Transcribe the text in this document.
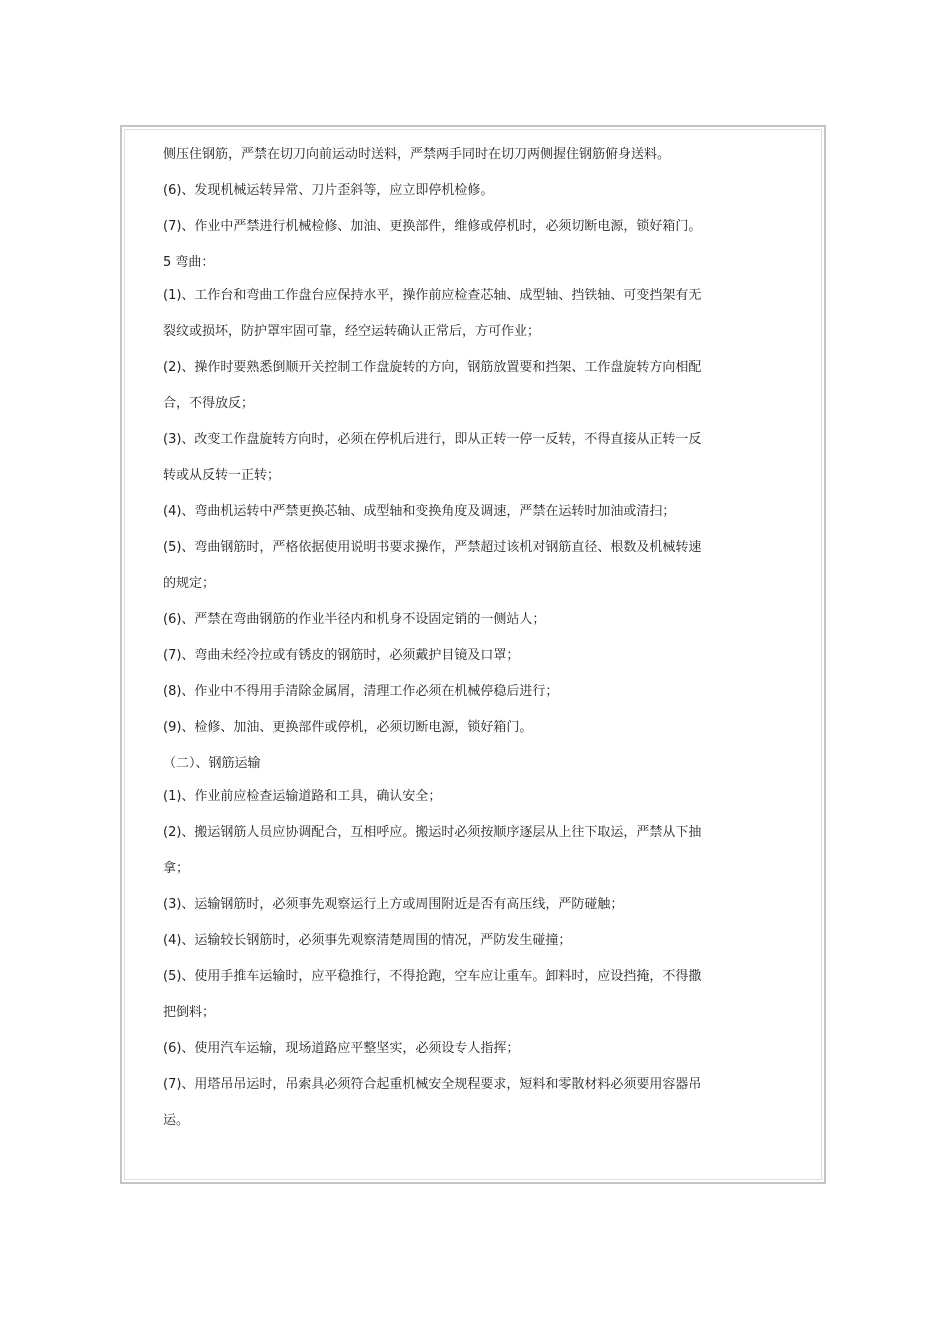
侧压住钢筋，严禁在切刀向前运动时送料，严禁两手同时在切刀两侧握住钢筋俯身送料。
(6)、发现机械运转异常、刀片歪斜等，应立即停机检修。
(7)、作业中严禁进行机械检修、加油、更换部件，维修或停机时，必须切断电源，锁好箱门。
5 弯曲：
(1)、工作台和弯曲工作盘台应保持水平，操作前应检查芯轴、成型轴、挡铁轴、可变挡架有无
裂纹或损坏，防护罩牢固可靠，经空运转确认正常后，方可作业；
(2)、操作时要熟悉倒顺开关控制工作盘旋转的方向，钢筋放置要和挡架、工作盘旋转方向相配
合，不得放反；
(3)、改变工作盘旋转方向时，必须在停机后进行，即从正转一停一反转，不得直接从正转一反
转或从反转一正转；
(4)、弯曲机运转中严禁更换芯轴、成型轴和变换角度及调速，严禁在运转时加油或清扫；
(5)、弯曲钢筋时，严格依据使用说明书要求操作，严禁超过该机对钢筋直径、根数及机械转速
的规定；
(6)、严禁在弯曲钢筋的作业半径内和机身不设固定销的一侧站人；
(7)、弯曲未经冷拉或有锈皮的钢筋时，必须戴护目镜及口罩；
(8)、作业中不得用手清除金属屑，清理工作必须在机械停稳后进行；
(9)、检修、加油、更换部件或停机，必须切断电源，锁好箱门。
（二）、钢筋运输
(1)、作业前应检查运输道路和工具，确认安全；
(2)、搬运钢筋人员应协调配合，互相呼应。搬运时必须按顺序逐层从上往下取运，严禁从下抽
拿；
(3)、运输钢筋时，必须事先观察运行上方或周围附近是否有高压线，严防碰触；
(4)、运输较长钢筋时，必须事先观察清楚周围的情况，严防发生碰撞；
(5)、使用手推车运输时，应平稳推行，不得抢跑，空车应让重车。卸料时，应设挡掩，不得撒
把倒料；
(6)、使用汽车运输，现场道路应平整坚实，必须设专人指挥；
(7)、用塔吊吊运时，吊索具必须符合起重机械安全规程要求，短料和零散材料必须要用容器吊
运。
